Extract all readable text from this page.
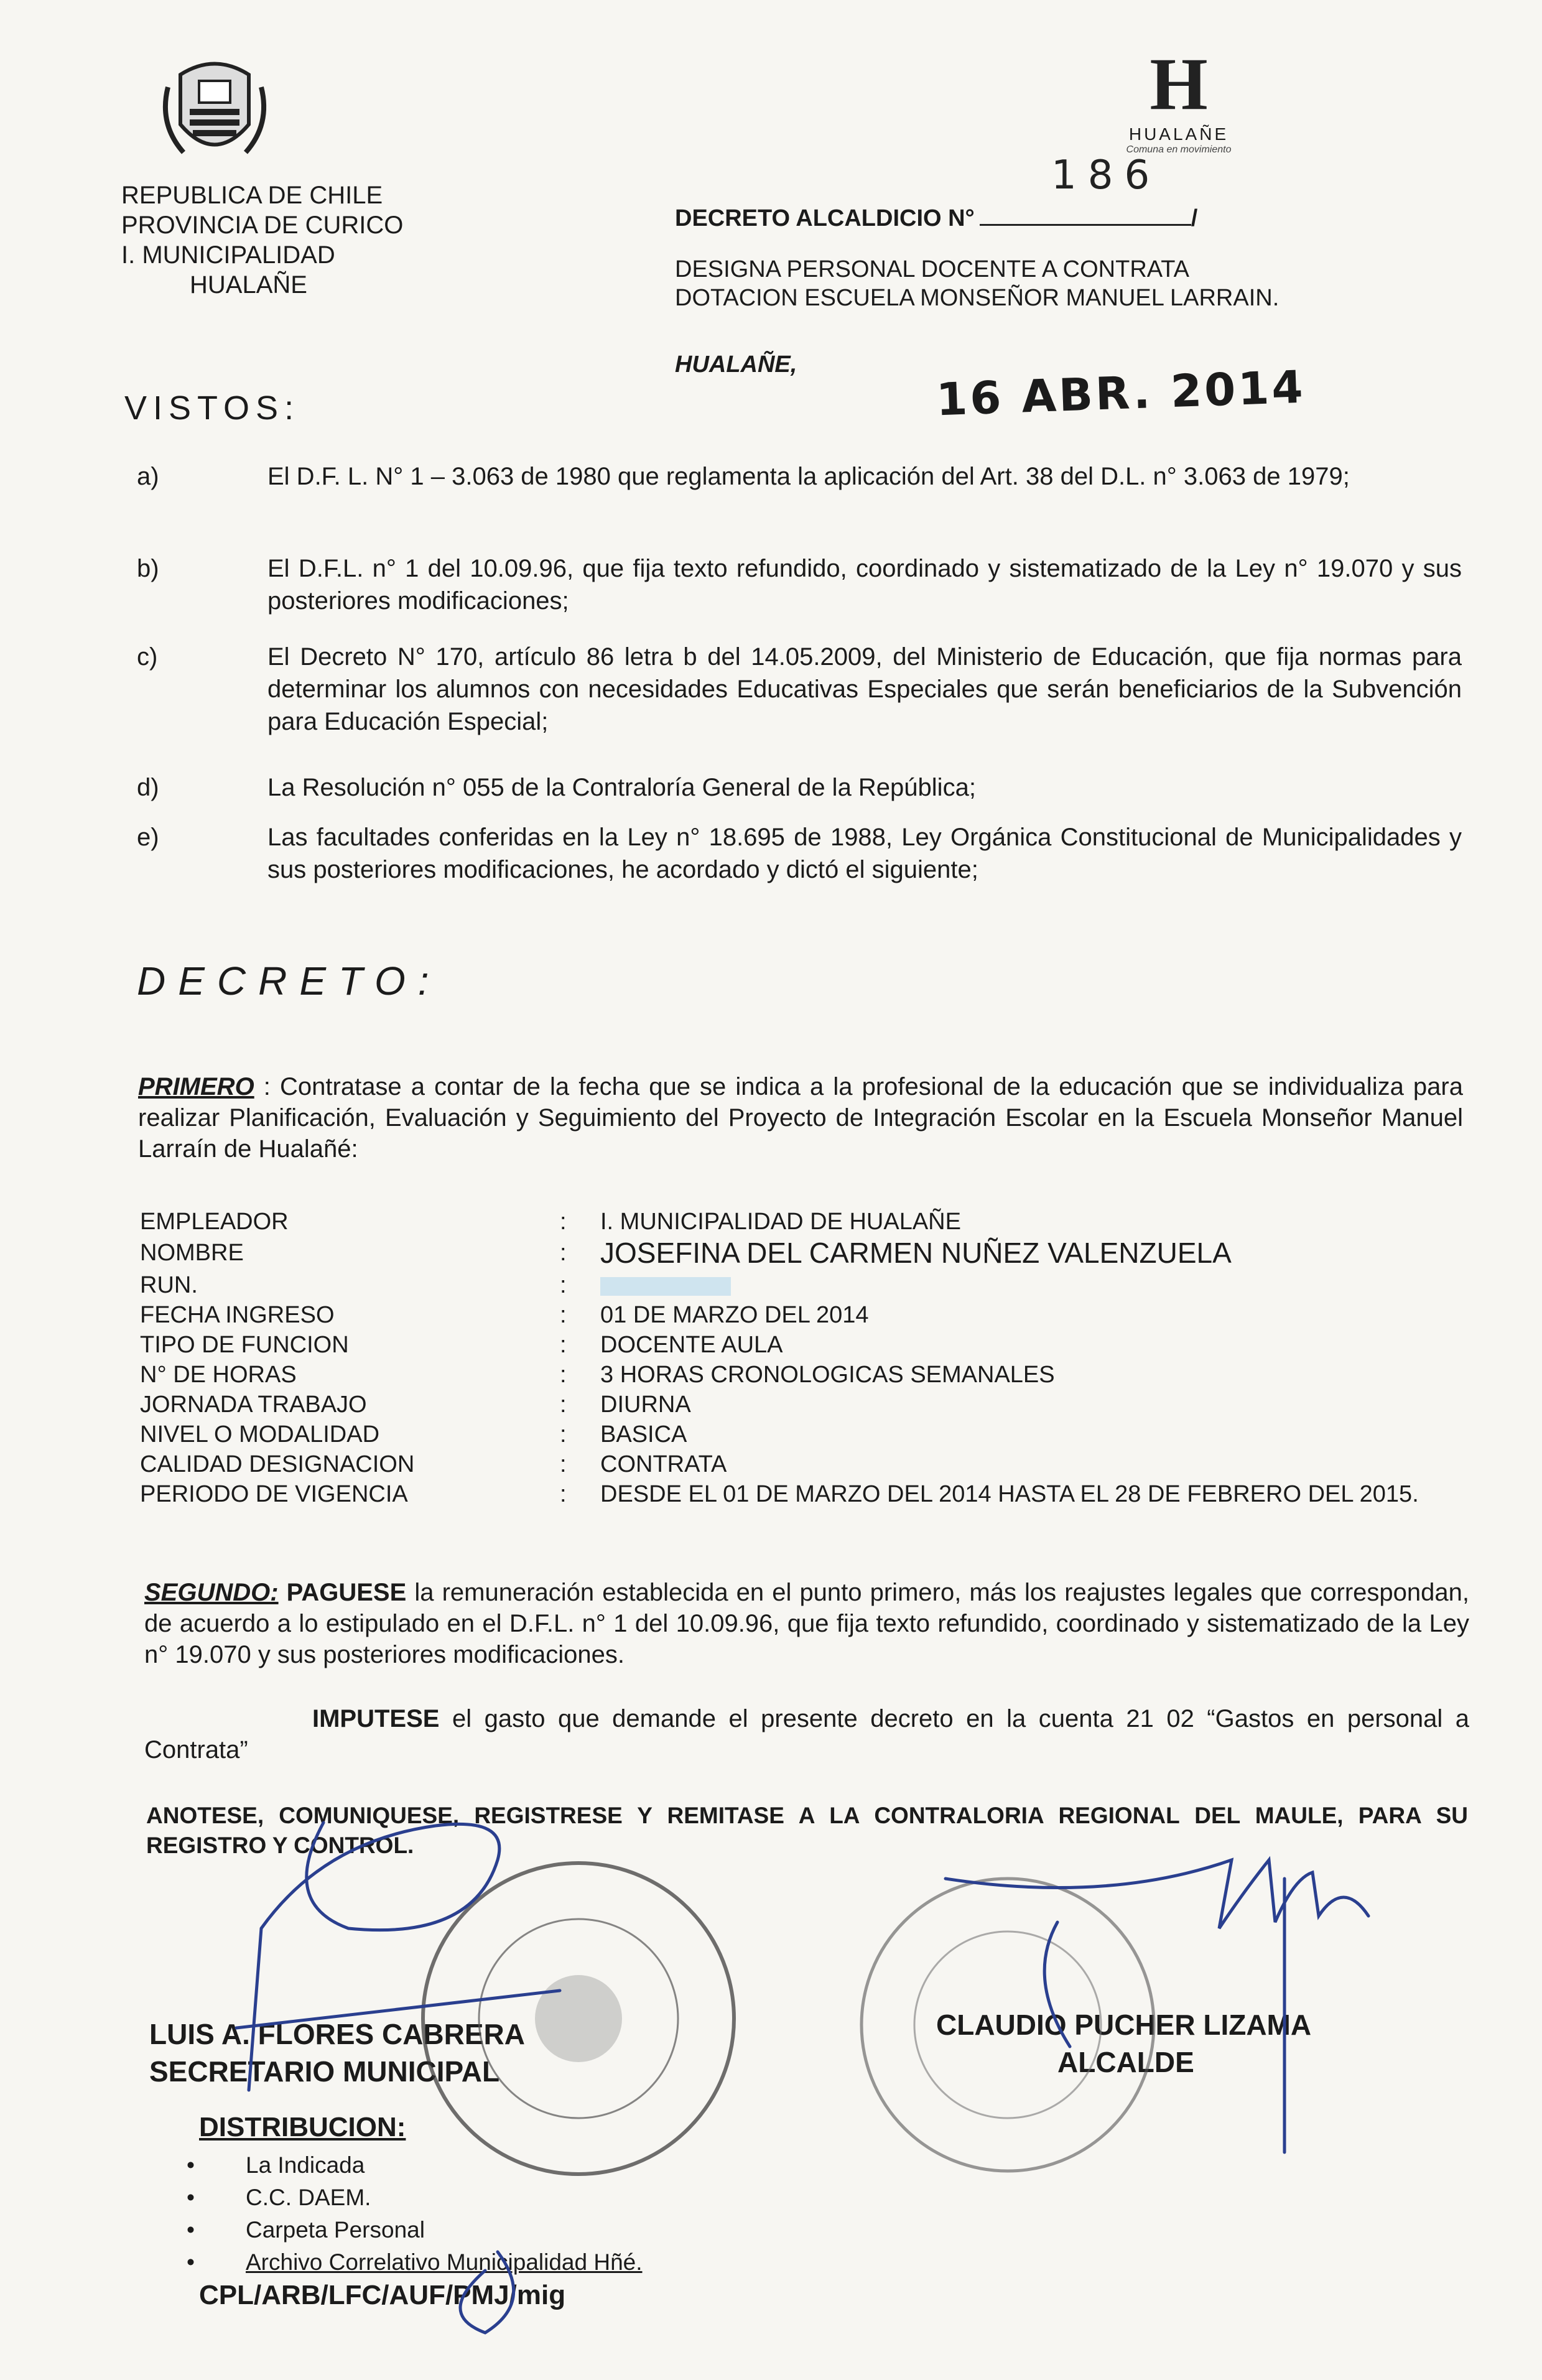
H
HUALAÑE
Comuna en movimiento
REPUBLICA DE CHILE
PROVINCIA DE CURICO
I. MUNICIPALIDAD
HUALAÑE
DECRETO ALCALDICIO N°	/
186
DESIGNA PERSONAL DOCENTE A CONTRATA
DOTACION ESCUELA MONSEÑOR MANUEL LARRAIN.
HUALAÑE,	16 ABR. 2014
VISTOS:
a)	El D.F. L. N° 1 – 3.063 de 1980 que reglamenta la aplicación del Art. 38 del D.L. n° 3.063 de 1979;
b)	El D.F.L. n° 1 del 10.09.96, que fija texto refundido, coordinado y sistematizado de la Ley n° 19.070 y sus posteriores modificaciones;
c)	El Decreto N° 170, artículo 86 letra b del 14.05.2009, del Ministerio de Educación, que fija normas para determinar los alumnos con necesidades Educativas Especiales que serán beneficiarios de la Subvención para Educación Especial;
d)	La Resolución n° 055 de la Contraloría General de la República;
e)	Las facultades conferidas en la Ley n° 18.695 de 1988, Ley Orgánica Constitucional de Municipalidades y sus posteriores modificaciones, he acordado y dictó el siguiente;
DECRETO:
PRIMERO : Contratase a contar de la fecha que se indica a la profesional de la educación que se individualiza para realizar Planificación, Evaluación y Seguimiento del Proyecto de Integración Escolar en la Escuela Monseñor Manuel Larraín de Hualañé:
EMPLEADOR	: I. MUNICIPALIDAD DE HUALAÑE
NOMBRE	: JOSEFINA DEL CARMEN NUÑEZ VALENZUELA
RUN.	:
FECHA INGRESO	: 01 DE MARZO DEL 2014
TIPO DE FUNCION	: DOCENTE AULA
N° DE HORAS	: 3 HORAS CRONOLOGICAS SEMANALES
JORNADA TRABAJO	: DIURNA
NIVEL O MODALIDAD	: BASICA
CALIDAD DESIGNACION	: CONTRATA
PERIODO DE VIGENCIA	: DESDE EL 01 DE MARZO DEL 2014 HASTA EL 28 DE FEBRERO DEL 2015.
SEGUNDO: PAGUESE la remuneración establecida en el punto primero, más los reajustes legales que correspondan, de acuerdo a lo estipulado en el D.F.L. n° 1 del 10.09.96, que fija texto refundido, coordinado y sistematizado de la Ley n° 19.070 y sus posteriores modificaciones.
IMPUTESE el gasto que demande el presente decreto en la cuenta 21 02 “Gastos en personal a Contrata”
ANOTESE, COMUNIQUESE, REGISTRESE Y REMITASE A LA CONTRALORIA REGIONAL DEL MAULE, PARA SU REGISTRO Y CONTROL.
LUIS A. FLORES CABRERA
SECRETARIO MUNICIPAL
CLAUDIO PUCHER LIZAMA
ALCALDE
DISTRIBUCION:
• La Indicada
• C.C. DAEM.
• Carpeta Personal
• Archivo Correlativo Municipalidad Hñé.
CPL/ARB/LFC/AUF/PMJ/mig
